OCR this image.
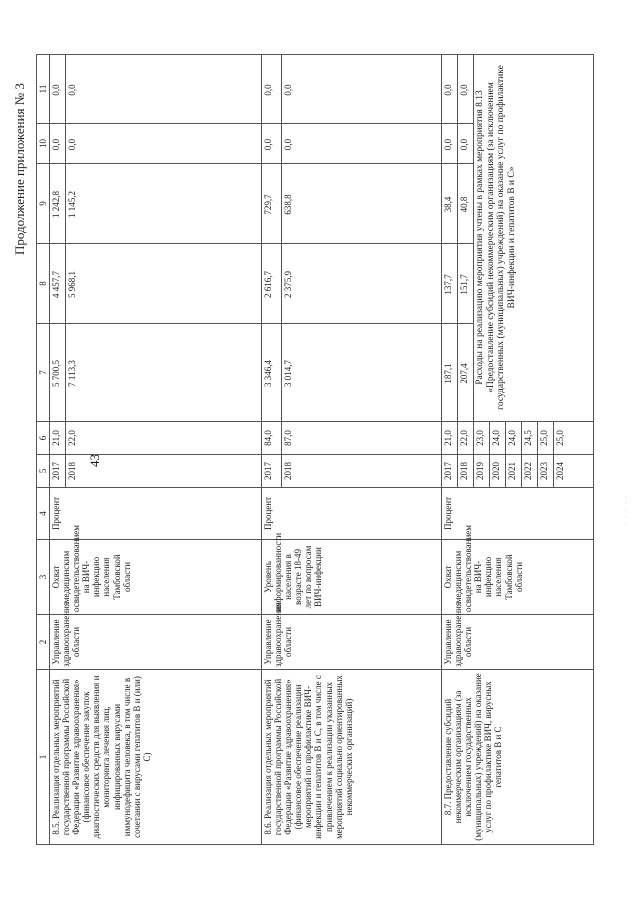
43
Продолжение приложения № 3
· · · · ·
1	2	3	4	5	6	7	8	9	10	11
8.5. Реализация отдельных мероприятий государственной программы Российской Федерации «Развитие здравоохранения» (финансовое обеспечение закупок диагностических средств для выявления и мониторинга лечения лиц, инфицированных вирусами иммунодефицита человека, в том числе в сочетании с вирусами гепатитов B и (или) C)	Управление здравоохранения области	Охват медицинским освидетельствованием на ВИЧ-инфекцию населения Тамбовской области	Процент	2017	21,0	5 700,5	4 457,7	1 242,8	0,0	0,0
				2018	22,0	7 113,3	5 968,1	1 145,2	0,0	0,0
8.6. Реализация отдельных мероприятий государственной программы Российской Федерации «Развитие здравоохранения» (финансовое обеспечение реализации мероприятий по профилактике ВИЧ-инфекции и гепатитов B и C, в том числе с привлечением к реализации указанных мероприятий социально ориентированных некоммерческих организаций)	Управление здравоохранения области	Уровень информированности населения в возрасте 18-49 лет по вопросам ВИЧ-инфекции	Процент	2017	84,0	3 346,4	2 616,7	729,7	0,0	0,0
				2018	87,0	3 014,7	2 375,9	638,8	0,0	0,0
8.7. Предоставление субсидий некоммерческим организациям (за исключением государственных (муниципальных) учреждений) на оказание услуг по профилактике ВИЧ, вирусных гепатитов B и C	Управление здравоохранения области	Охват медицинским освидетельствованием на ВИЧ-инфекцию населения Тамбовской области	Процент	2017	21,0	187,1	137,7	38,4	0,0	0,0
				2018	22,0	207,4	151,7	40,8	0,0	0,0
				2019	23,0	Расходы на реализацию мероприятия учтены в рамках мероприятия 8.13 «Предоставление субсидий некоммерческим организациям (за исключением государственных (муниципальных) учреждений) на оказание услуг по профилактике ВИЧ-инфекции и гепатитов B и C»				
				2020	24,0					
				2021	24,0					
				2022	24,5					
				2023	25,0					
				2024	25,0					
